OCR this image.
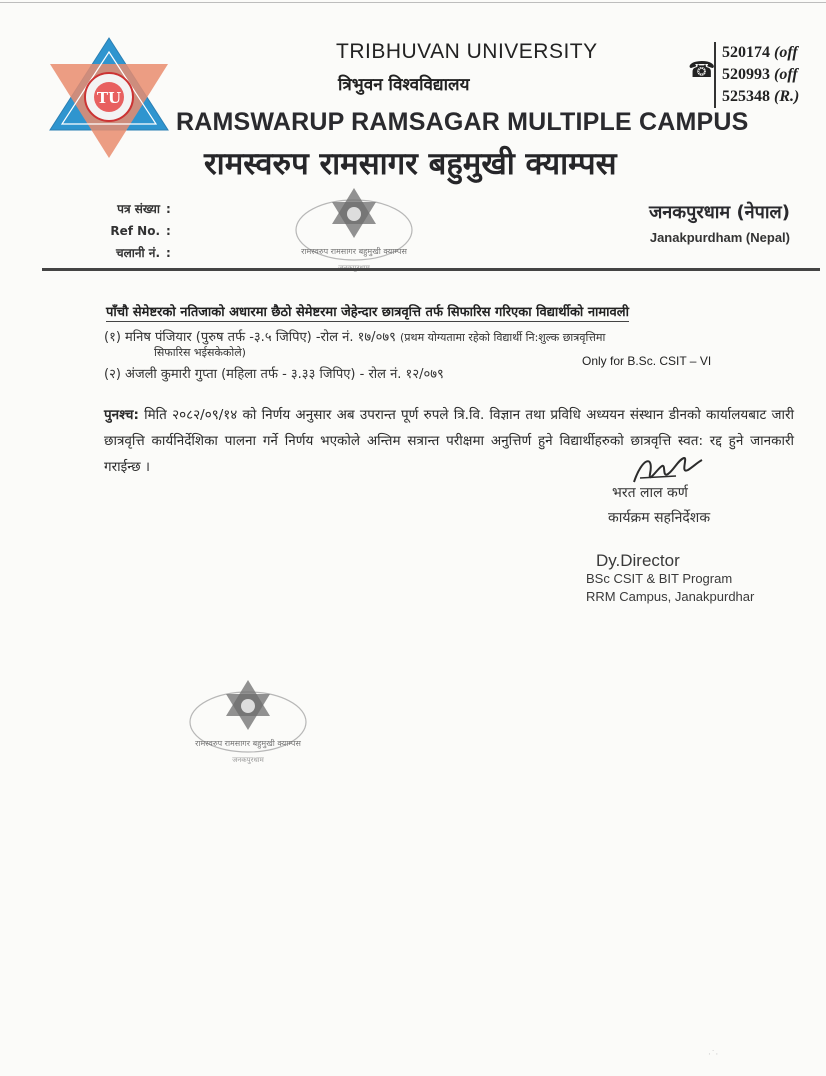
TU
TRIBHUVAN UNIVERSITY
त्रिभुवन विश्वविद्यालय
RAMSWARUP RAMSAGAR MULTIPLE CAMPUS
रामस्वरुप रामसागर बहुमुखी क्याम्पस
☎
520174 (off
520993 (off
525348 (R.)
पत्र संख्या :
Ref No. :
चलानी नं. :	रामस्वरुप रामसागर बहुमुखी क्याम्पस
जनकपुरधाम (नेपाल)
Janakpurdham (Nepal)
पाँचौ सेमेष्टरको नतिजाको अधारमा छैठो सेमेष्टरमा जेहेन्दार छात्रवृत्ति तर्फ सिफारिस गरिएका विद्यार्थीको नामावली
(१) मनिष पंजियार (पुरुष तर्फ -३.५ जिपिए) -रोल नं. १७/०७९ (प्रथम योग्यतामा रहेको विद्यार्थी नि:शुल्क छात्रवृत्तिमा
सिफारिस भईसकेकोले)
Only for B.Sc. CSIT – VI
(२) अंजली कुमारी गुप्ता (महिला तर्फ - ३.३३ जिपिए) - रोल नं. १२/०७९
पुनश्च: मिति २०८२/०९/१४ को निर्णय अनुसार अब उपरान्त पूर्ण रुपले त्रि.वि. विज्ञान तथा प्रविधि अध्ययन संस्थान डीनको कार्यालयबाट जारी छात्रवृत्ति कार्यनिर्देशिका पालना गर्ने निर्णय भएकोले अन्तिम सत्रान्त परीक्षमा अनुत्तिर्ण हुने विद्यार्थीहरुको छात्रवृत्ति स्वत: रद्द हुने जानकारी गराईन्छ ।
भरत लाल कर्ण
कार्यक्रम सहनिर्देशक
Dy.Director
BSc CSIT & BIT Program
RRM Campus, Janakpurdhar
रामस्वरुप रामसागर बहुमुखी क्याम्पस
जनकपुरधाम
·˙·
